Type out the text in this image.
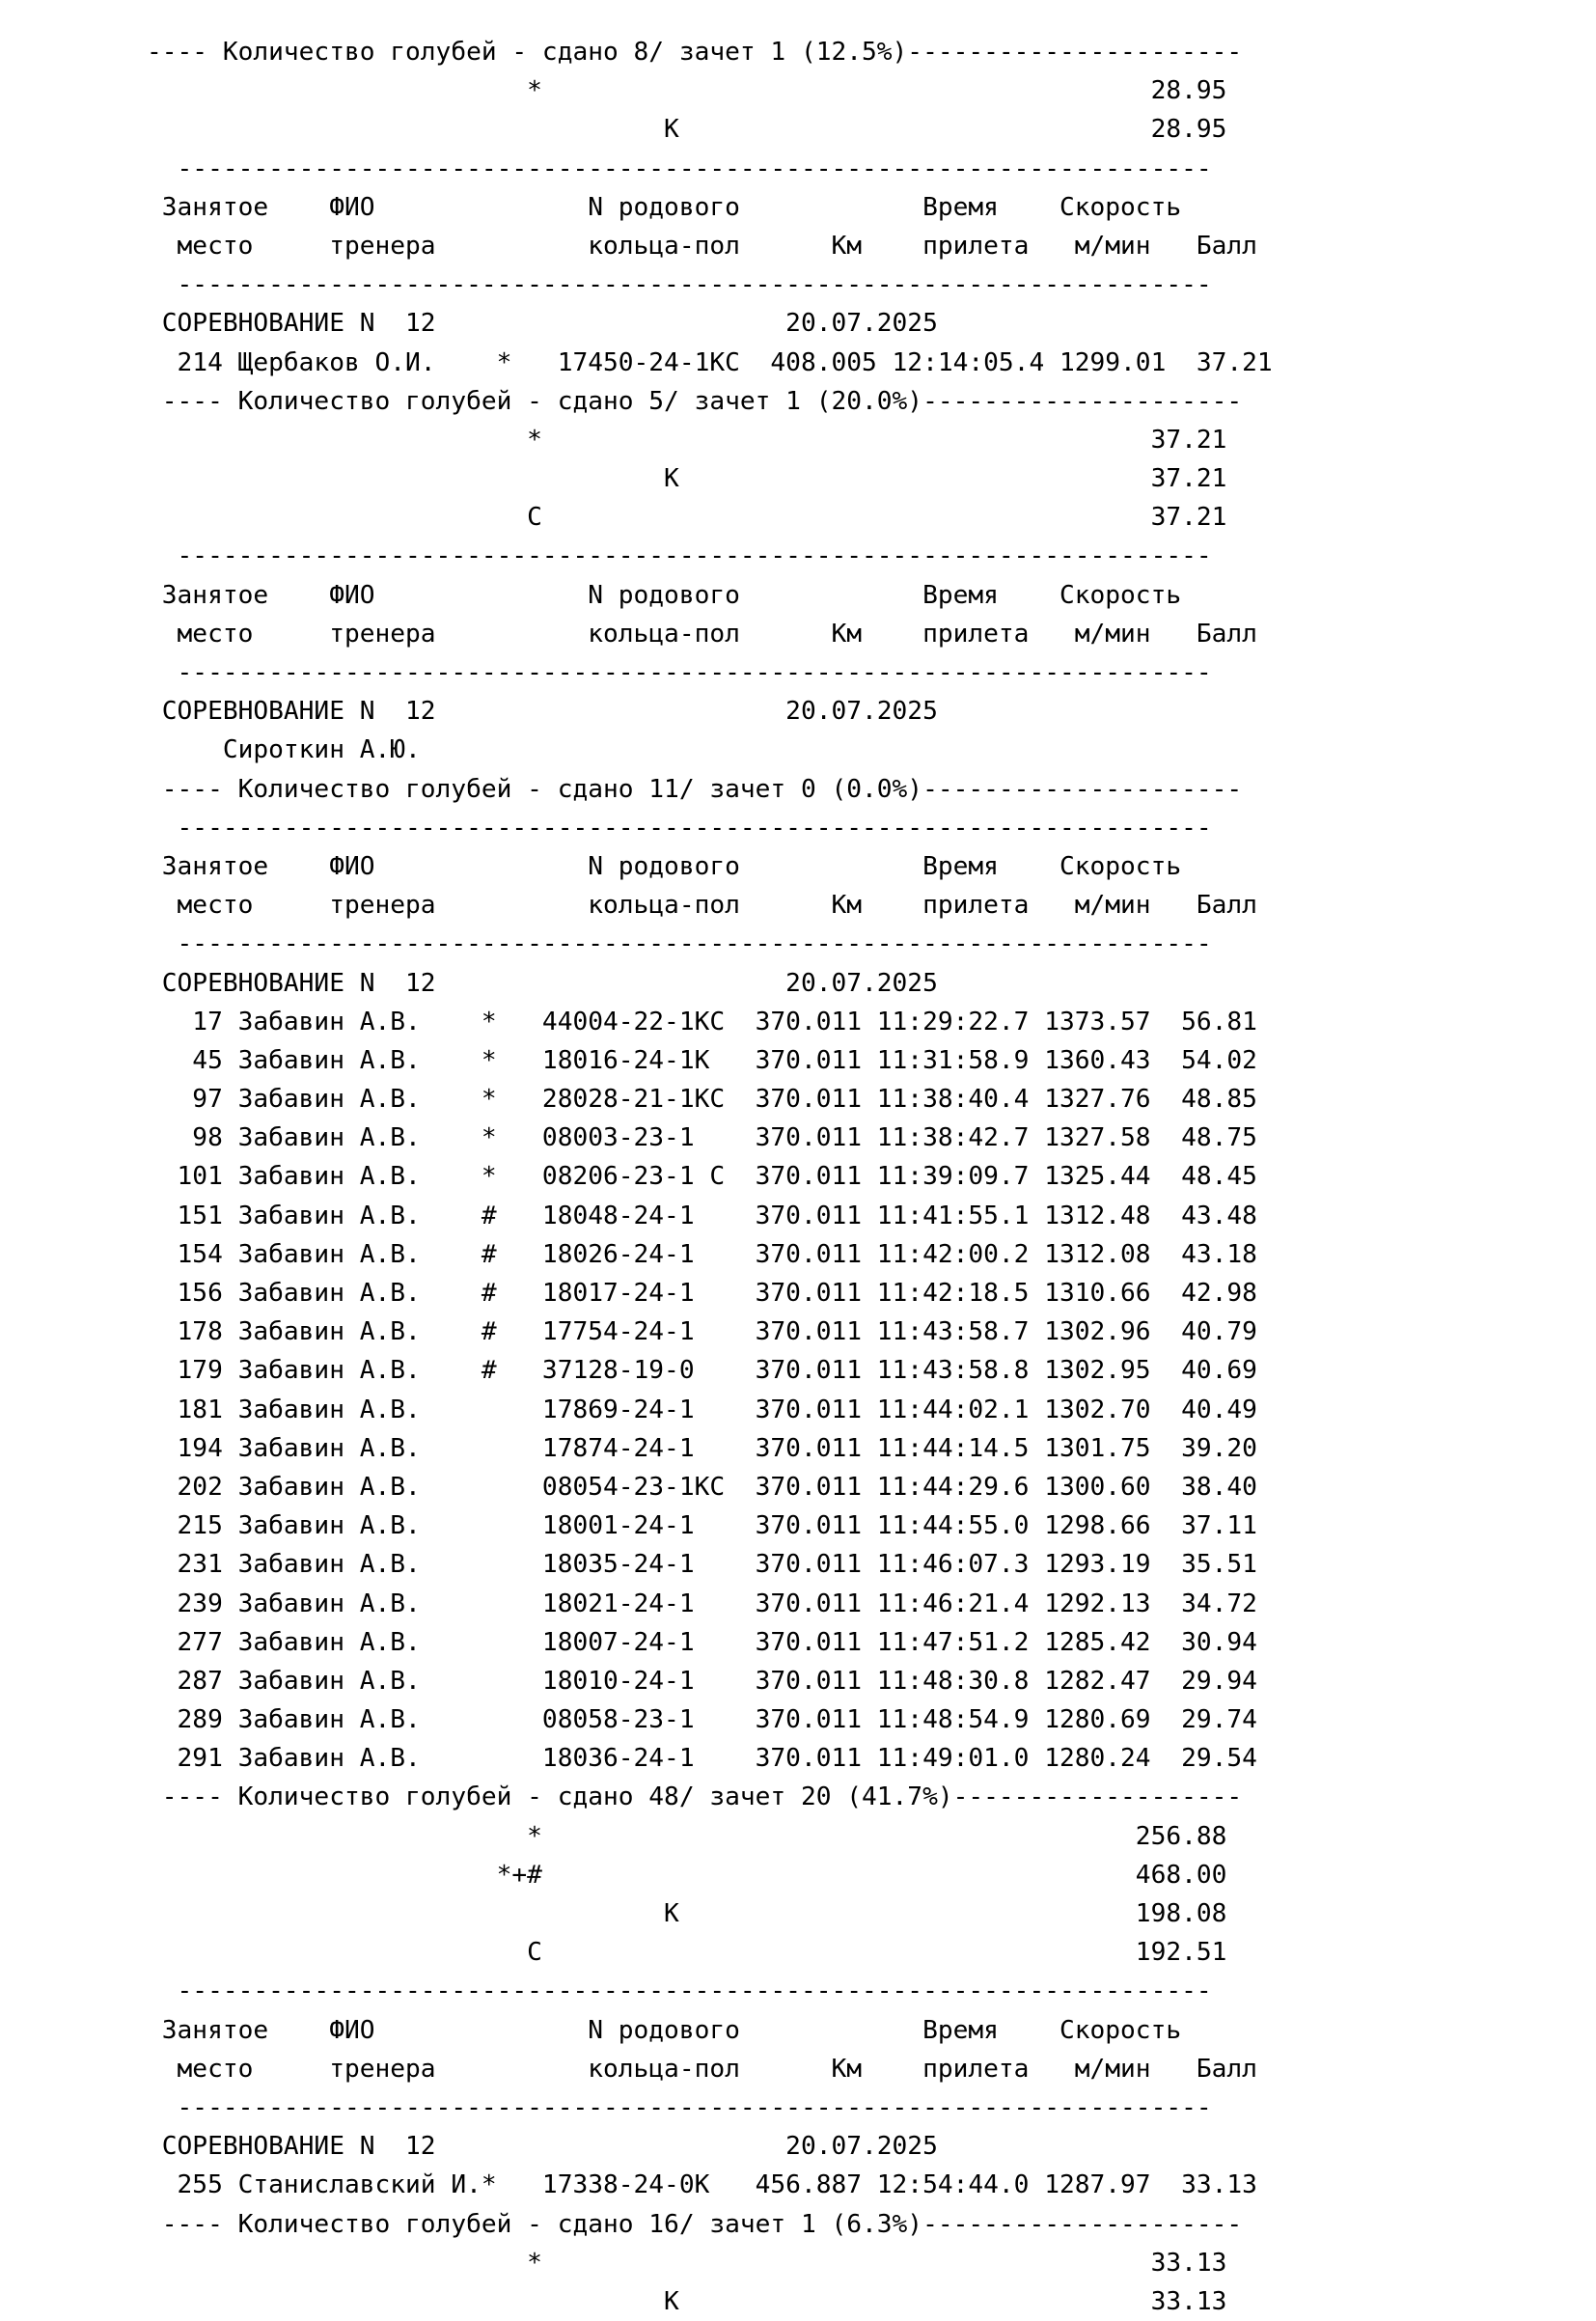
---- Количество голубей - сдано 8/ зачет 1 (12.5%)----------------------
*                                        28.95
К                               28.95
--------------------------------------------------------------------
Занятое    ФИО              N родового            Время    Скорость
место     тренера          кольца-пол      Км    прилета   м/мин   Балл
--------------------------------------------------------------------
СОРЕВНОВАНИЕ N  12                       20.07.2025
214 Щербаков О.И.    *   17450-24-1КС  408.005 12:14:05.4 1299.01  37.21
---- Количество голубей - сдано 5/ зачет 1 (20.0%)---------------------
*                                        37.21
К                               37.21
С                                        37.21
--------------------------------------------------------------------
Занятое    ФИО              N родового            Время    Скорость
место     тренера          кольца-пол      Км    прилета   м/мин   Балл
--------------------------------------------------------------------
СОРЕВНОВАНИЕ N  12                       20.07.2025
Сироткин А.Ю.
---- Количество голубей - сдано 11/ зачет 0 (0.0%)---------------------
--------------------------------------------------------------------
Занятое    ФИО              N родового            Время    Скорость
место     тренера          кольца-пол      Км    прилета   м/мин   Балл
--------------------------------------------------------------------
СОРЕВНОВАНИЕ N  12                       20.07.2025
17 Забавин А.В.    *   44004-22-1КС  370.011 11:29:22.7 1373.57  56.81
45 Забавин А.В.    *   18016-24-1К   370.011 11:31:58.9 1360.43  54.02
97 Забавин А.В.    *   28028-21-1КС  370.011 11:38:40.4 1327.76  48.85
98 Забавин А.В.    *   08003-23-1    370.011 11:38:42.7 1327.58  48.75
101 Забавин А.В.    *   08206-23-1 С  370.011 11:39:09.7 1325.44  48.45
151 Забавин А.В.    #   18048-24-1    370.011 11:41:55.1 1312.48  43.48
154 Забавин А.В.    #   18026-24-1    370.011 11:42:00.2 1312.08  43.18
156 Забавин А.В.    #   18017-24-1    370.011 11:42:18.5 1310.66  42.98
178 Забавин А.В.    #   17754-24-1    370.011 11:43:58.7 1302.96  40.79
179 Забавин А.В.    #   37128-19-0    370.011 11:43:58.8 1302.95  40.69
181 Забавин А.В.        17869-24-1    370.011 11:44:02.1 1302.70  40.49
194 Забавин А.В.        17874-24-1    370.011 11:44:14.5 1301.75  39.20
202 Забавин А.В.        08054-23-1КС  370.011 11:44:29.6 1300.60  38.40
215 Забавин А.В.        18001-24-1    370.011 11:44:55.0 1298.66  37.11
231 Забавин А.В.        18035-24-1    370.011 11:46:07.3 1293.19  35.51
239 Забавин А.В.        18021-24-1    370.011 11:46:21.4 1292.13  34.72
277 Забавин А.В.        18007-24-1    370.011 11:47:51.2 1285.42  30.94
287 Забавин А.В.        18010-24-1    370.011 11:48:30.8 1282.47  29.94
289 Забавин А.В.        08058-23-1    370.011 11:48:54.9 1280.69  29.74
291 Забавин А.В.        18036-24-1    370.011 11:49:01.0 1280.24  29.54
---- Количество голубей - сдано 48/ зачет 20 (41.7%)-------------------
*                                       256.88
*+#                                       468.00
К                              198.08
С                                       192.51
--------------------------------------------------------------------
Занятое    ФИО              N родового            Время    Скорость
место     тренера          кольца-пол      Км    прилета   м/мин   Балл
--------------------------------------------------------------------
СОРЕВНОВАНИЕ N  12                       20.07.2025
255 Станиславский И.*   17338-24-0К   456.887 12:54:44.0 1287.97  33.13
---- Количество голубей - сдано 16/ зачет 1 (6.3%)---------------------
*                                        33.13
К                               33.13
